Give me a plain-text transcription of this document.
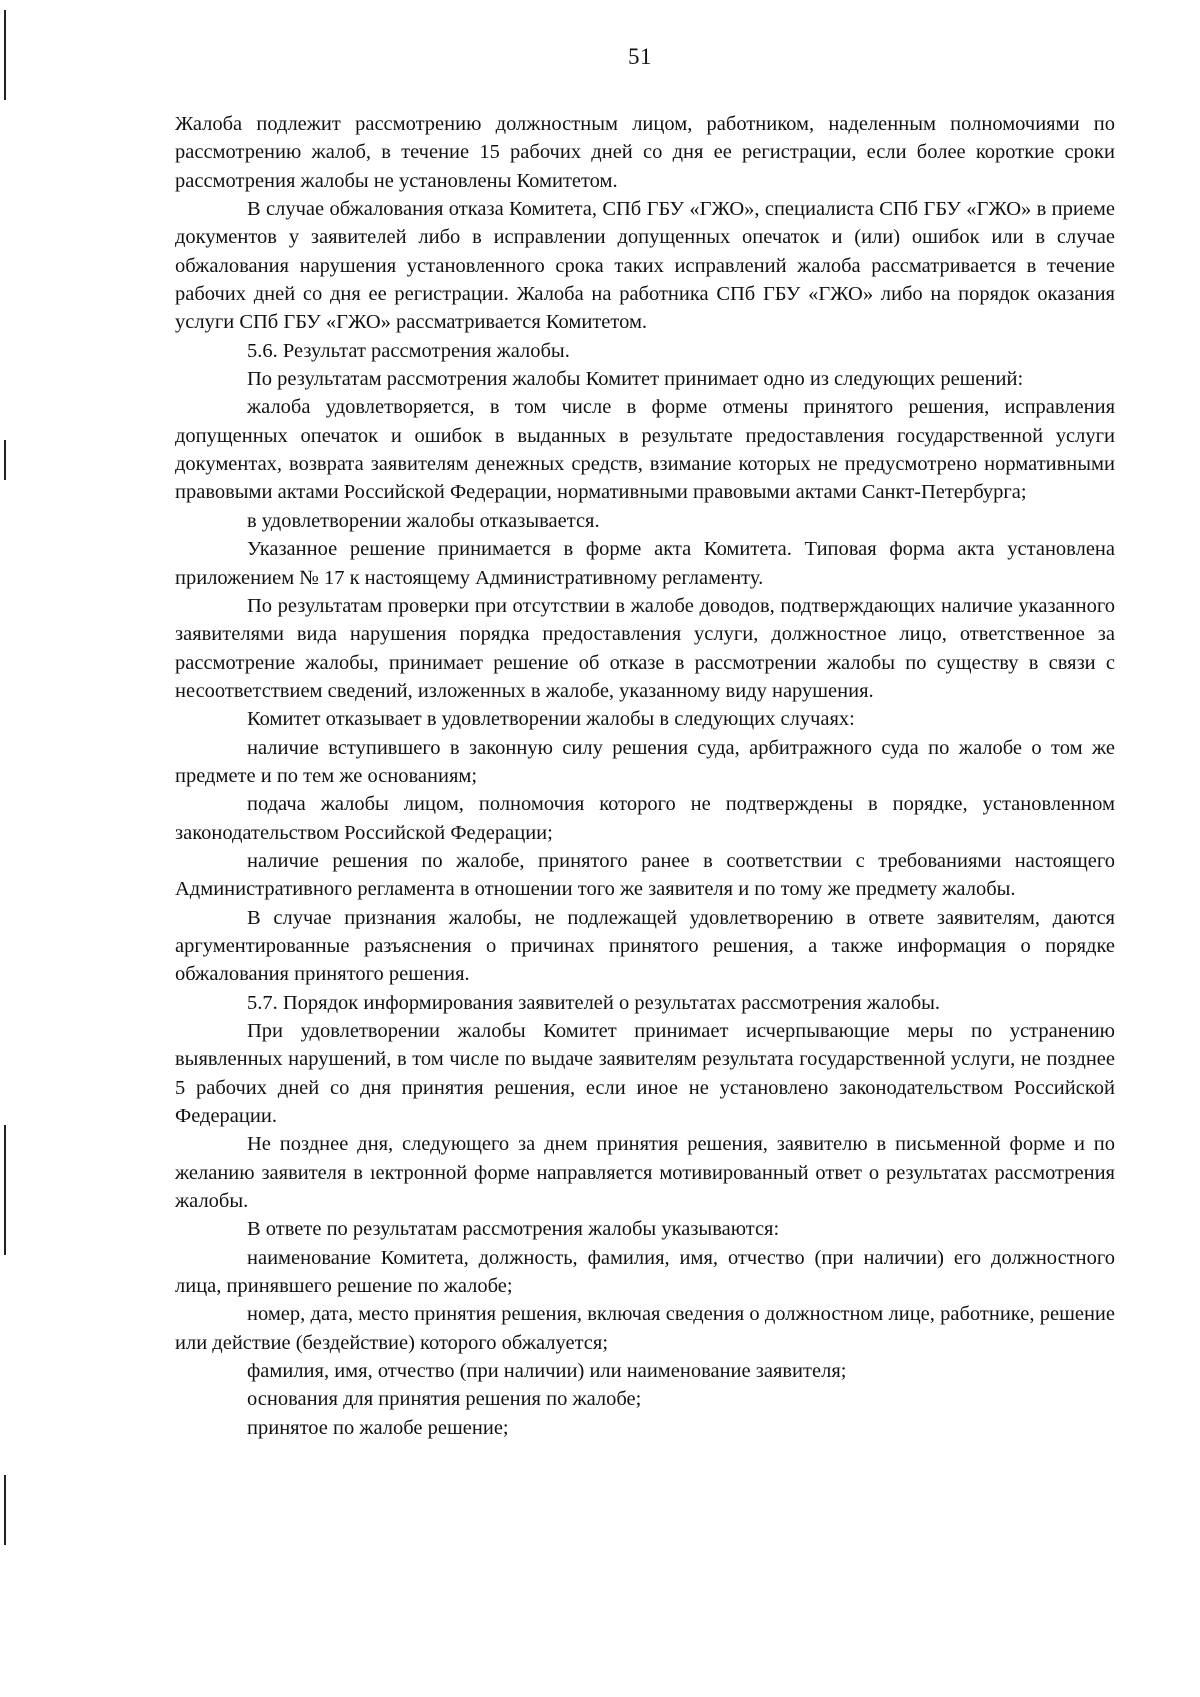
51

Жалоба подлежит рассмотрению должностным лицом, работником, наделенным полномочиями по рассмотрению жалоб, в течение 15 рабочих дней со дня ее регистрации, если более короткие сроки рассмотрения жалобы не установлены Комитетом.

В случае обжалования отказа Комитета, СПб ГБУ «ГЖО», специалиста СПб ГБУ «ГЖО» в приеме документов у заявителей либо в исправлении допущенных опечаток и (или) ошибок или в случае обжалования нарушения установленного срока таких исправлений жалоба рассматривается в течение рабочих дней со дня ее регистрации. Жалоба на работника СПб ГБУ «ГЖО» либо на порядок оказания услуги СПб ГБУ «ГЖО» рассматривается Комитетом.

5.6. Результат рассмотрения жалобы.

По результатам рассмотрения жалобы Комитет принимает одно из следующих решений:

жалоба удовлетворяется, в том числе в форме отмены принятого решения, исправления допущенных опечаток и ошибок в выданных в результате предоставления государственной услуги документах, возврата заявителям денежных средств, взимание которых не предусмотрено нормативными правовыми актами Российской Федерации, нормативными правовыми актами Санкт-Петербурга;

в удовлетворении жалобы отказывается.

Указанное решение принимается в форме акта Комитета. Типовая форма акта установлена приложением № 17 к настоящему Административному регламенту.

По результатам проверки при отсутствии в жалобе доводов, подтверждающих наличие указанного заявителями вида нарушения порядка предоставления услуги, должностное лицо, ответственное за рассмотрение жалобы, принимает решение об отказе в рассмотрении жалобы по существу в связи с несоответствием сведений, изложенных в жалобе, указанному виду нарушения.

Комитет отказывает в удовлетворении жалобы в следующих случаях:

наличие вступившего в законную силу решения суда, арбитражного суда по жалобе о том же предмете и по тем же основаниям;

подача жалобы лицом, полномочия которого не подтверждены в порядке, установленном законодательством Российской Федерации;

наличие решения по жалобе, принятого ранее в соответствии с требованиями настоящего Административного регламента в отношении того же заявителя и по тому же предмету жалобы.

В случае признания жалобы, не подлежащей удовлетворению в ответе заявителям, даются аргументированные разъяснения о причинах принятого решения, а также информация о порядке обжалования принятого решения.

5.7. Порядок информирования заявителей о результатах рассмотрения жалобы.

При удовлетворении жалобы Комитет принимает исчерпывающие меры по устранению выявленных нарушений, в том числе по выдаче заявителям результата государственной услуги, не позднее 5 рабочих дней со дня принятия решения, если иное не установлено законодательством Российской Федерации.

Не позднее дня, следующего за днем принятия решения, заявителю в письменной форме и по желанию заявителя в ıектронной форме направляется мотивированный ответ о результатах рассмотрения жалобы.

В ответе по результатам рассмотрения жалобы указываются:

наименование Комитета, должность, фамилия, имя, отчество (при наличии) его должностного лица, принявшего решение по жалобе;

номер, дата, место принятия решения, включая сведения о должностном лице, работнике, решение или действие (бездействие) которого обжалуется;

фамилия, имя, отчество (при наличии) или наименование заявителя;

основания для принятия решения по жалобе;

принятое по жалобе решение;
